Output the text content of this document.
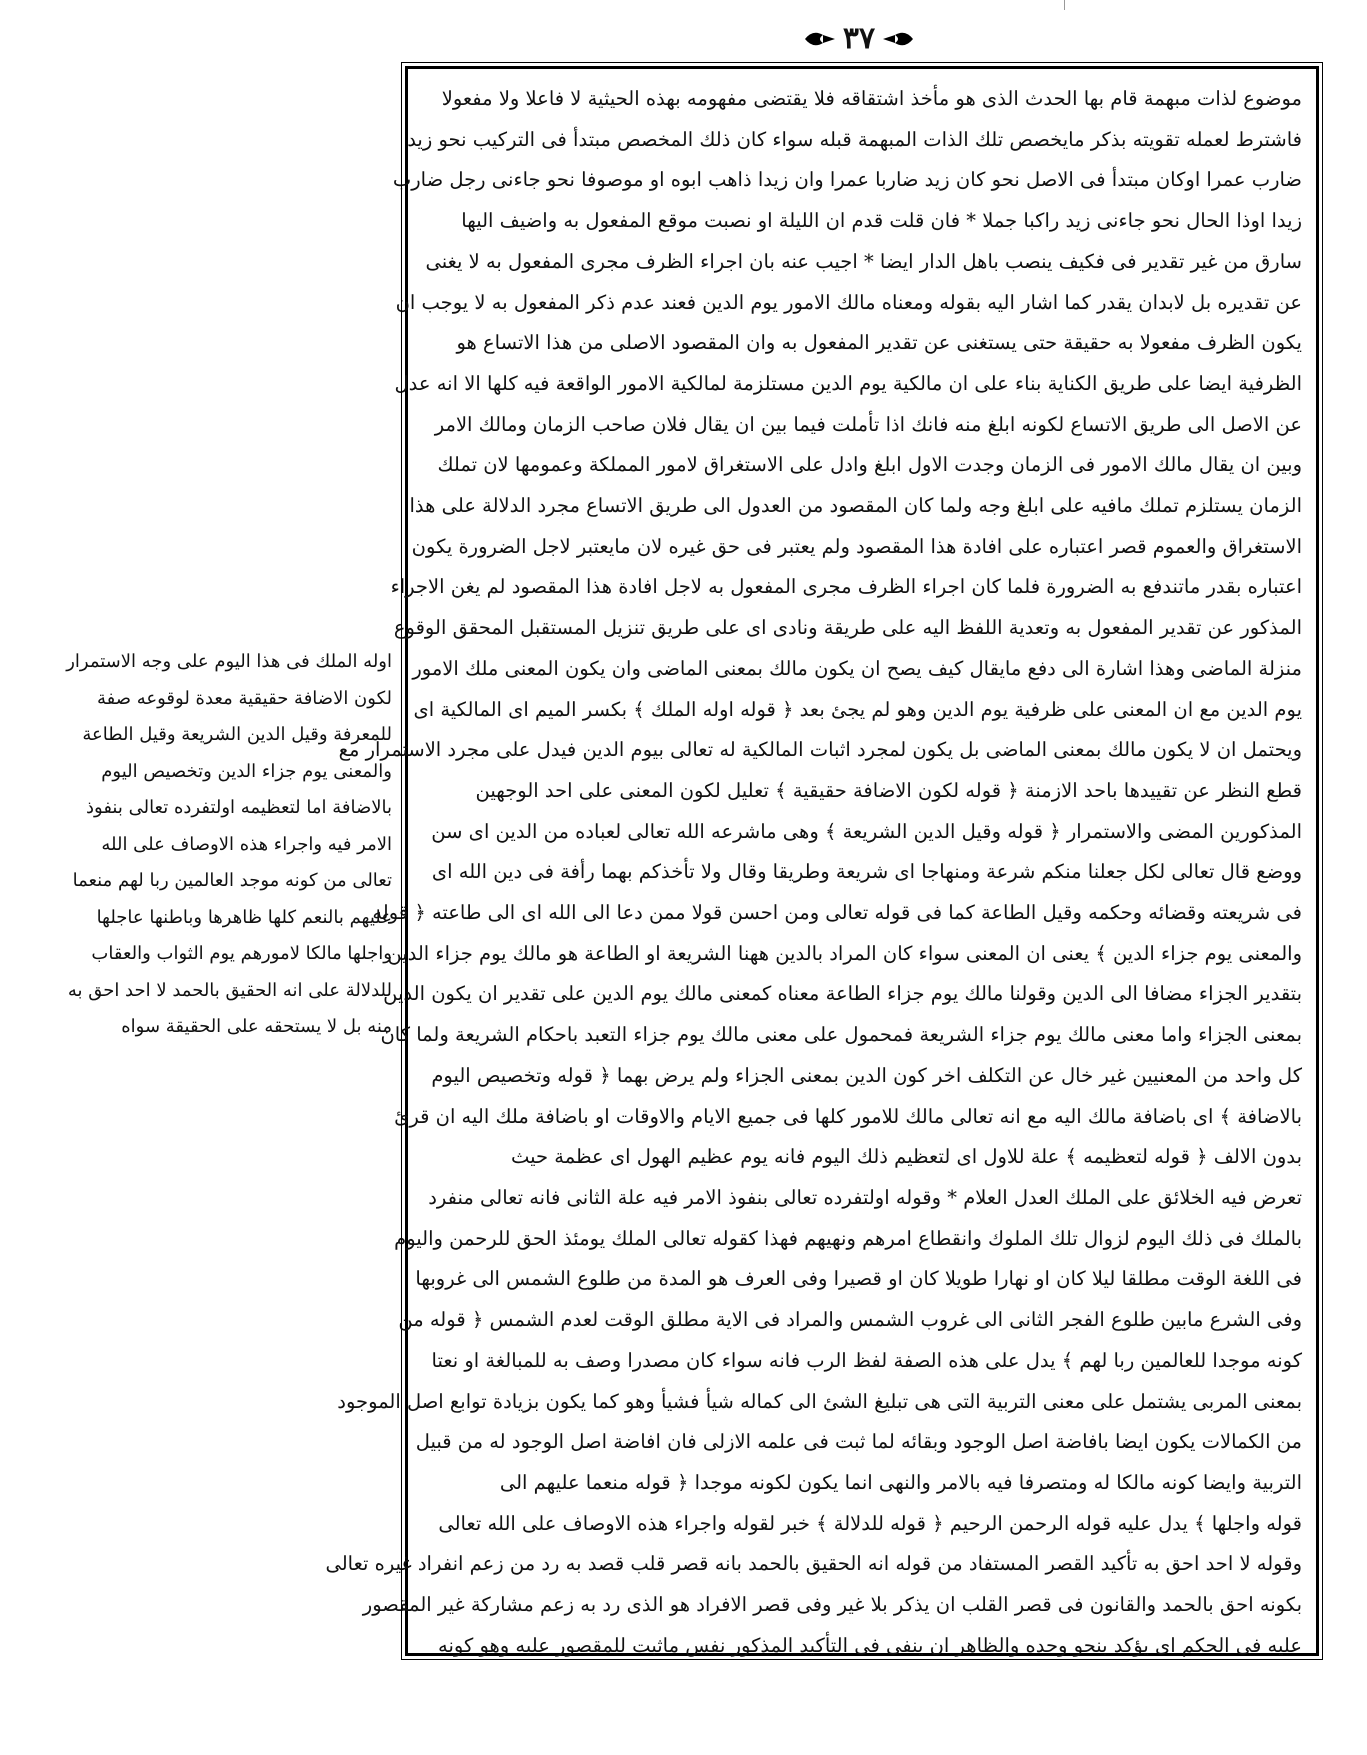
٣٧
موضوع لذات مبهمة قام بها الحدث الذى هو مأخذ اشتقاقه فلا يقتضى مفهومه بهذه الحيثية لا فاعلا ولا مفعولا
فاشترط لعمله تقويته بذكر مايخصص تلك الذات المبهمة قبله سواء كان ذلك المخصص مبتدأ فى التركيب نحو زيد
ضارب عمرا اوكان مبتدأ فى الاصل نحو كان زيد ضاربا عمرا وان زيدا ذاهب ابوه او موصوفا نحو جاءنى رجل ضارب
زيدا اوذا الحال نحو جاءنى زيد راكبا جملا * فان قلت قدم ان الليلة او نصبت موقع المفعول به واضيف اليها
سارق من غير تقدير فى فكيف ينصب باهل الدار ايضا * اجيب عنه بان اجراء الظرف مجرى المفعول به لا يغنى
عن تقديره بل لابدان يقدر كما اشار اليه بقوله ومعناه مالك الامور يوم الدين فعند عدم ذكر المفعول به لا يوجب ان
يكون الظرف مفعولا به حقيقة حتى يستغنى عن تقدير المفعول به وان المقصود الاصلى من هذا الاتساع هو
الظرفية ايضا على طريق الكناية بناء على ان مالكية يوم الدين مستلزمة لمالكية الامور الواقعة فيه كلها الا انه عدل
عن الاصل الى طريق الاتساع لكونه ابلغ منه فانك اذا تأملت فيما بين ان يقال فلان صاحب الزمان ومالك الامر
وبين ان يقال مالك الامور فى الزمان وجدت الاول ابلغ وادل على الاستغراق لامور المملكة وعمومها لان تملك
الزمان يستلزم تملك مافيه على ابلغ وجه ولما كان المقصود من العدول الى طريق الاتساع مجرد الدلالة على هذا
الاستغراق والعموم قصر اعتباره على افادة هذا المقصود ولم يعتبر فى حق غيره لان مايعتبر لاجل الضرورة يكون
اعتباره بقدر ماتندفع به الضرورة فلما كان اجراء الظرف مجرى المفعول به لاجل افادة هذا المقصود لم يغن الاجراء
المذكور عن تقدير المفعول به وتعدية اللفظ اليه على طريقة ونادى اى على طريق تنزيل المستقبل المحقق الوقوع
منزلة الماضى وهذا اشارة الى دفع مايقال كيف يصح ان يكون مالك بمعنى الماضى وان يكون المعنى ملك الامور
يوم الدين مع ان المعنى على ظرفية يوم الدين وهو لم يجئ بعد ﴿ قوله اوله الملك ﴾ بكسر الميم اى المالكية اى
ويحتمل ان لا يكون مالك بمعنى الماضى بل يكون لمجرد اثبات المالكية له تعالى بيوم الدين فيدل على مجرد الاستمرار مع
قطع النظر عن تقييدها باحد الازمنة ﴿ قوله لكون الاضافة حقيقية ﴾ تعليل لكون المعنى على احد الوجهين
المذكورين المضى والاستمرار ﴿ قوله وقيل الدين الشريعة ﴾ وهى ماشرعه الله تعالى لعباده من الدين اى سن
ووضع قال تعالى لكل جعلنا منكم شرعة ومنهاجا اى شريعة وطريقا وقال ولا تأخذكم بهما رأفة فى دين الله اى
فى شريعته وقضائه وحكمه وقيل الطاعة كما فى قوله تعالى ومن احسن قولا ممن دعا الى الله اى الى طاعته ﴿ قوله
والمعنى يوم جزاء الدين ﴾ يعنى ان المعنى سواء كان المراد بالدين ههنا الشريعة او الطاعة هو مالك يوم جزاء الدين
بتقدير الجزاء مضافا الى الدين وقولنا مالك يوم جزاء الطاعة معناه كمعنى مالك يوم الدين على تقدير ان يكون الدين
بمعنى الجزاء واما معنى مالك يوم جزاء الشريعة فمحمول على معنى مالك يوم جزاء التعبد باحكام الشريعة ولما كان
كل واحد من المعنيين غير خال عن التكلف اخر كون الدين بمعنى الجزاء ولم يرض بهما ﴿ قوله وتخصيص اليوم
بالاضافة ﴾ اى باضافة مالك اليه مع انه تعالى مالك للامور كلها فى جميع الايام والاوقات او باضافة ملك اليه ان قرئ
بدون الالف ﴿ قوله لتعظيمه ﴾ علة للاول اى لتعظيم ذلك اليوم فانه يوم عظيم الهول اى عظمة حيث
تعرض فيه الخلائق على الملك العدل العلام * وقوله اولتفرده تعالى بنفوذ الامر فيه علة الثانى فانه تعالى منفرد
بالملك فى ذلك اليوم لزوال تلك الملوك وانقطاع امرهم ونهيهم فهذا كقوله تعالى الملك يومئذ الحق للرحمن واليوم
فى اللغة الوقت مطلقا ليلا كان او نهارا طويلا كان او قصيرا وفى العرف هو المدة من طلوع الشمس الى غروبها
وفى الشرع مابين طلوع الفجر الثانى الى غروب الشمس والمراد فى الاية مطلق الوقت لعدم الشمس ﴿ قوله من
كونه موجدا للعالمين ربا لهم ﴾ يدل على هذه الصفة لفظ الرب فانه سواء كان مصدرا وصف به للمبالغة او نعتا
بمعنى المربى يشتمل على معنى التربية التى هى تبليغ الشئ الى كماله شيأ فشيأ وهو كما يكون بزيادة توابع اصل الموجود
من الكمالات يكون ايضا بافاضة اصل الوجود وبقائه لما ثبت فى علمه الازلى فان افاضة اصل الوجود له من قبيل
التربية وايضا كونه مالكا له ومتصرفا فيه بالامر والنهى انما يكون لكونه موجدا ﴿ قوله منعما عليهم الى
قوله واجلها ﴾ يدل عليه قوله الرحمن الرحيم ﴿ قوله للدلالة ﴾ خبر لقوله واجراء هذه الاوصاف على الله تعالى
وقوله لا احد احق به تأكيد القصر المستفاد من قوله انه الحقيق بالحمد بانه قصر قلب قصد به رد من زعم انفراد غيره تعالى
بكونه احق بالحمد والقانون فى قصر القلب ان يذكر بلا غير وفى قصر الافراد هو الذى رد به زعم مشاركة غير المقصور
عليه فى الحكم اى يؤكد بنحو وحده والظاهر ان ينفى فى التأكيد المذكور نفس ماثبت للمقصور عليه وهو كونه
اوله الملك فى هذا اليوم على وجه الاستمرار
لكون الاضافة حقيقية معدة لوقوعه صفة
للمعرفة وقيل الدين الشريعة وقيل الطاعة
والمعنى يوم جزاء الدين وتخصيص اليوم
بالاضافة اما لتعظيمه اولتفرده تعالى بنفوذ
الامر فيه واجراء هذه الاوصاف على الله
تعالى من كونه موجد العالمين ربا لهم منعما
عليهم بالنعم كلها ظاهرها وباطنها عاجلها
واجلها مالكا لامورهم يوم الثواب والعقاب
للدلالة على انه الحقيق بالحمد لا احد احق به
منه بل لا يستحقه على الحقيقة سواه
